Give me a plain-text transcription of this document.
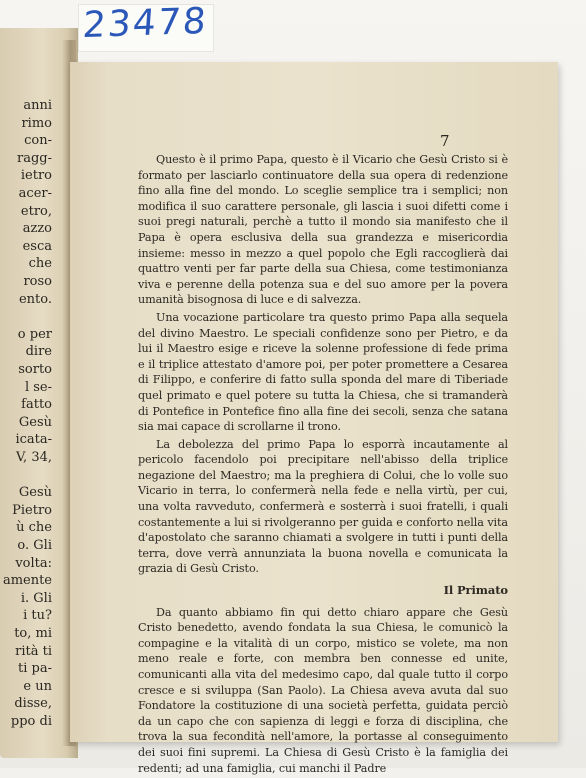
23478
anni
rimo
con-
ragg-
ietro
acer-
etro,
azzo
esca
che
roso
ento.
o per
dire
sorto
l se-
fatto
Gesù
icata-
V, 34,
Gesù
Pietro
ù che
o. Gli
volta:
amente
i. Gli
i tu?
to, mi
rità ti
ti pa-
e un
disse,
ppo di
7

Questo è il primo Papa, questo è il Vicario che Gesù Cristo si è formato per lasciarlo continuatore della sua opera di redenzione fino alla fine del mondo. Lo sceglie semplice tra i semplici; non modifica il suo carattere personale, gli lascia i suoi difetti come i suoi pregi naturali, perchè a tutto il mondo sia manifesto che il Papa è opera esclusiva della sua grandezza e misericordia insieme: messo in mezzo a quel popolo che Egli raccoglierà dai quattro venti per far parte della sua Chiesa, come testimonianza viva e perenne della potenza sua e del suo amore per la povera umanità bisognosa di luce e di salvezza.

Una vocazione particolare tra questo primo Papa alla sequela del divino Maestro. Le speciali confidenze sono per Pietro, e da lui il Maestro esige e riceve la solenne professione di fede prima e il triplice attestato d'amore poi, per poter promettere a Cesarea di Filippo, e conferire di fatto sulla sponda del mare di Tiberiade quel primato e quel potere su tutta la Chiesa, che si tramanderà di Pontefice in Pontefice fino alla fine dei secoli, senza che satana sia mai capace di scrollarne il trono.

La debolezza del primo Papa lo esporrà incautamente al pericolo facendolo poi precipitare nell'abisso della triplice negazione del Maestro; ma la preghiera di Colui, che lo volle suo Vicario in terra, lo confermerà nella fede e nella virtù, per cui, una volta ravveduto, confermerà e sosterrà i suoi fratelli, i quali costantemente a lui si rivolgeranno per guida e conforto nella vita d'apostolato che saranno chiamati a svolgere in tutti i punti della terra, dove verrà annunziata la buona novella e comunicata la grazia di Gesù Cristo.

Il Primato

Da quanto abbiamo fin qui detto chiaro appare che Gesù Cristo benedetto, avendo fondata la sua Chiesa, le comunicò la compagine e la vitalità di un corpo, mistico se volete, ma non meno reale e forte, con membra ben connesse ed unite, comunicanti alla vita del medesimo capo, dal quale tutto il corpo cresce e si sviluppa (San Paolo). La Chiesa aveva avuta dal suo Fondatore la costituzione di una società perfetta, guidata perciò da un capo che con sapienza di leggi e forza di disciplina, che trova la sua fecondità nell'amore, la portasse al conseguimento dei suoi fini supremi. La Chiesa di Gesù Cristo è la famiglia dei redenti; ad una famiglia, cui manchi il Padre
